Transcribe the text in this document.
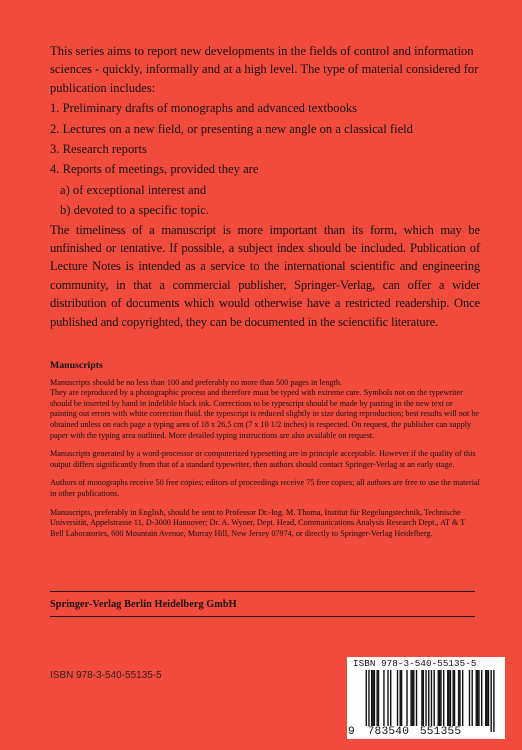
This series aims to report new developments in the fields of control and information sciences - quickly, informally and at a high level. The type of material considered for publication includes:

1. Preliminary drafts of monographs and advanced textbooks
2. Lectures on a new field, or presenting a new angle on a classical field
3. Research reports
4. Reports of meetings, provided they are
a) of exceptional interest and
b) devoted to a specific topic.

The timeliness of a manuscript is more important than its form, which may be unfinished or tentative. If possible, a subject index should be included. Publication of Lecture Notes is intended as a service to the international scientific and engineering community, in that a commercial publisher, Springer-Verlag, can offer a wider distribution of documents which would otherwise have a restricted readership. Once published and copyrighted, they can be documented in the scienctific literature.

Manuscripts

Manuscripts should be no less than 100 and preferably no more than 500 pages in length.

They are reproduced by a photographic process and therefore must be typed with extreme care. Symbols not on the typewriter should be inserted by hand in indelible black ink. Corrections to be typescript should be made by pasting in the new text or painting out errors with white correction fluid. the typescript is reduced slightly in size during reproduction; best results will not be obtained unless on each page a typing area of 18 x 26,5 cm (7 x 10 1/2 inches) is respected. On request, the publisher can supply paper with the typing area outlined. More detailed typing instructions are also available on request.

Manuscripts generated by a word-processor or computerized typesetting are in principle acceptable. However if the quality of this output differs significantly from that of a standard typewriter, then authors should contact Springer-Verlag at an early stage.

Authors of monographs receive 50 free copies; editors of proceedings receive 75 free copies; all authors are free to use the material in other publications.

Manuscripts, preferably in English, should be sent to Professor Dr.-Ing. M. Thoma, Institut für Regelungstechnik, Technische Universität, Appelstrasse 11, D-3000 Hannover; Dr. A. Wyner, Dept. Head, Communications Analysis Research Dept., AT & T Bell Laboratories, 600 Mountain Avenue, Murray Hill, New Jersey 07974, or directly to Springer-Verlag Heidelberg.

Springer-Verlag Berlin Heidelberg GmbH
ISBN 978-3-540-55135-5
ISBN 978-3-540-55135-5
9 783540 551355
